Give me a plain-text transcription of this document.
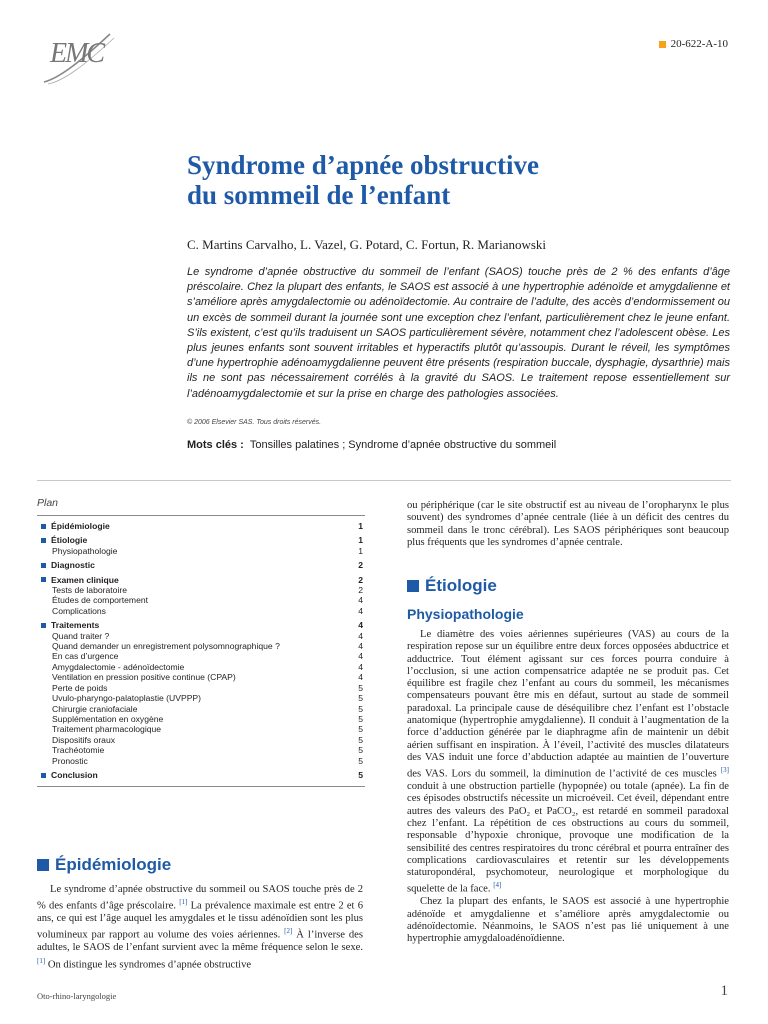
EMC	20-622-A-10
Syndrome d’apnée obstructive
du sommeil de l’enfant
C. Martins Carvalho, L. Vazel, G. Potard, C. Fortun, R. Marianowski

Le syndrome d’apnée obstructive du sommeil de l’enfant (SAOS) touche près de 2 % des enfants d’âge préscolaire. Chez la plupart des enfants, le SAOS est associé à une hypertrophie adénoïde et amygdalienne et s’améliore après amygdalectomie ou adénoïdectomie. Au contraire de l’adulte, des accès d’endormissement ou un excès de sommeil durant la journée sont une exception chez l’enfant, particulièrement chez le jeune enfant. S’ils existent, c’est qu’ils traduisent un SAOS particulièrement sévère, notamment chez l’adolescent obèse. Les plus jeunes enfants sont souvent irritables et hyperactifs plutôt qu’assoupis. Durant le réveil, les symptômes d’une hypertrophie adénoamygdalienne peuvent être présents (respiration buccale, dysphagie, dysarthrie) mais ils ne sont pas nécessairement corrélés à la gravité du SAOS. Le traitement repose essentiellement sur l’adénoamygdalectomie et sur la prise en charge des pathologies associées.

© 2006 Elsevier SAS. Tous droits réservés.
Mots clés : Tonsilles palatines ; Syndrome d’apnée obstructive du sommeil
Plan
Épidémiologie	1
Étiologie	1
Physiopathologie	1
Diagnostic	2
Examen clinique	2
Tests de laboratoire	2
Études de comportement	4
Complications	4
Traitements	4
Quand traiter ?	4
Quand demander un enregistrement polysomnographique ?	4
En cas d’urgence	4
Amygdalectomie - adénoïdectomie	4
Ventilation en pression positive continue (CPAP)	4
Perte de poids	5
Uvulo-pharyngo-palatoplastie (UVPPP)	5
Chirurgie craniofaciale	5
Supplémentation en oxygène	5
Traitement pharmacologique	5
Dispositifs oraux	5
Trachéotomie	5
Pronostic	5
Conclusion	5
Épidémiologie

Le syndrome d’apnée obstructive du sommeil ou SAOS touche près de 2 % des enfants d’âge préscolaire. [1] La prévalence maximale est entre 2 et 6 ans, ce qui est l’âge auquel les amygdales et le tissu adénoïdien sont les plus volumineux par rapport au volume des voies aériennes. [2] À l’inverse des adultes, le SAOS de l’enfant survient avec la même fréquence selon le sexe. [1] On distingue les syndromes d’apnée obstructive

ou périphérique (car le site obstructif est au niveau de l’oropharynx le plus souvent) des syndromes d’apnée centrale (liée à un déficit des centres du sommeil dans le tronc cérébral). Les SAOS périphériques sont beaucoup plus fréquents que les syndromes d’apnée centrale.

Étiologie
Physiopathologie

Le diamètre des voies aériennes supérieures (VAS) au cours de la respiration repose sur un équilibre entre deux forces opposées abductrice et adductrice. Tout élément agissant sur ces forces pourra conduire à l’occlusion, si une action compensatrice adaptée ne se produit pas. Cet équilibre est fragile chez l’enfant au cours du sommeil, les mécanismes compensateurs pouvant être mis en défaut, surtout au stade de sommeil paradoxal. La principale cause de déséquilibre chez l’enfant est l’obstacle anatomique (hypertrophie amygdalienne). Il conduit à l’augmentation de la force d’adduction générée par le diaphragme afin de maintenir un débit aérien suffisant en inspiration. À l’éveil, l’activité des muscles dilatateurs des VAS induit une force d’abduction adaptée au maintien de l’ouverture des VAS. Lors du sommeil, la diminution de l’activité de ces muscles [3] conduit à une obstruction partielle (hypopnée) ou totale (apnée). La fin de ces épisodes obstructifs nécessite un microéveil. Cet éveil, dépendant entre autres des valeurs des PaO₂ et PaCO₂, est retardé en sommeil paradoxal chez l’enfant. La répétition de ces obstructions au cours du sommeil, responsable d’hypoxie chronique, provoque une modification de la sensibilité des centres respiratoires du tronc cérébral et pourra entraîner des complications cardiovasculaires et retentir sur les développements staturopondéral, psychomoteur, neurologique et morphologique du squelette de la face. [4]

Chez la plupart des enfants, le SAOS est associé à une hypertrophie adénoïde et amygdalienne et s’améliore après amygdalectomie ou adénoïdectomie. Néanmoins, le SAOS n’est pas lié uniquement à une hypertrophie amygdaloadénoïdienne.

Oto-rhino-laryngologie	1
